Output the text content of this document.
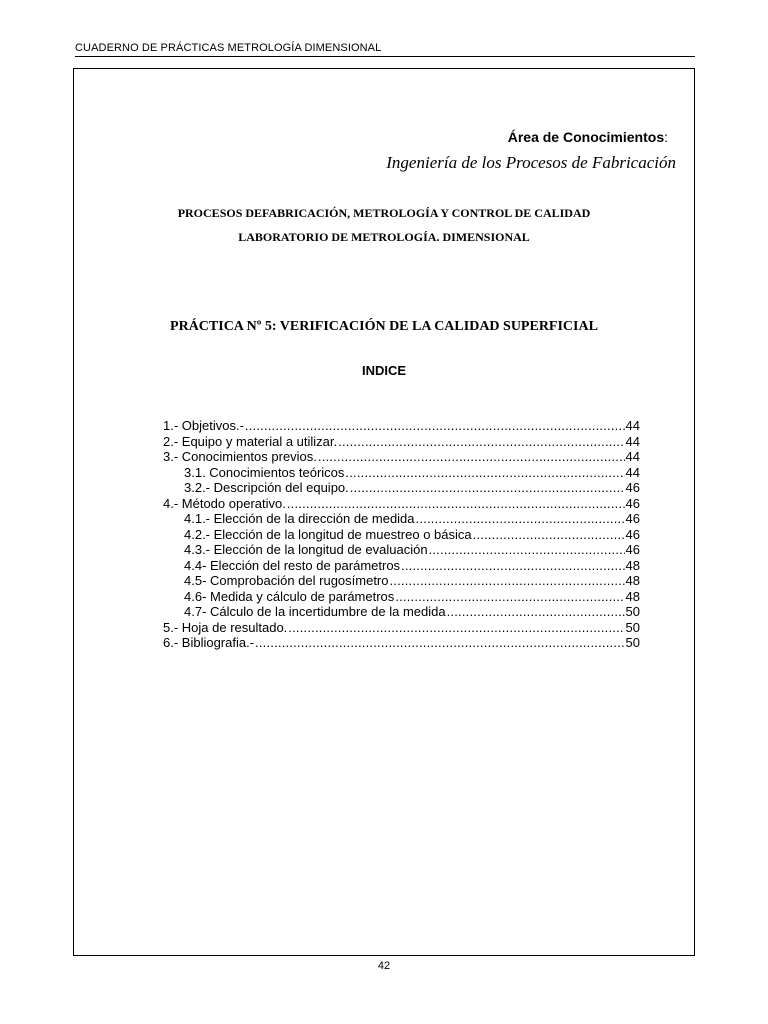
CUADERNO DE PRÁCTICAS METROLOGÍA DIMENSIONAL
Área de Conocimientos:
Ingeniería de los Procesos de Fabricación
PROCESOS DEFABRICACIÓN, METROLOGÍA Y CONTROL DE CALIDAD
LABORATORIO DE METROLOGÍA. DIMENSIONAL
PRÁCTICA Nº 5: VERIFICACIÓN DE LA CALIDAD SUPERFICIAL
INDICE
1.- Objetivos.- .....	44
2.- Equipo y material a utilizar. .....	44
3.- Conocimientos previos. .....	44
3.1. Conocimientos teóricos .....	44
3.2.- Descripción del equipo. .....	46
4.- Método operativo. .....	46
4.1.- Elección de la dirección de medida .....	46
4.2.- Elección de la longitud de muestreo o básica .....	46
4.3.- Elección de la longitud de evaluación .....	46
4.4- Elección del resto de parámetros .....	48
4.5- Comprobación del rugosímetro .....	48
4.6- Medida y cálculo de parámetros .....	48
4.7- Cálculo de la incertidumbre de la medida .....	50
5.- Hoja de resultado. .....	50
6.- Bibliografia.- .....	50
42
